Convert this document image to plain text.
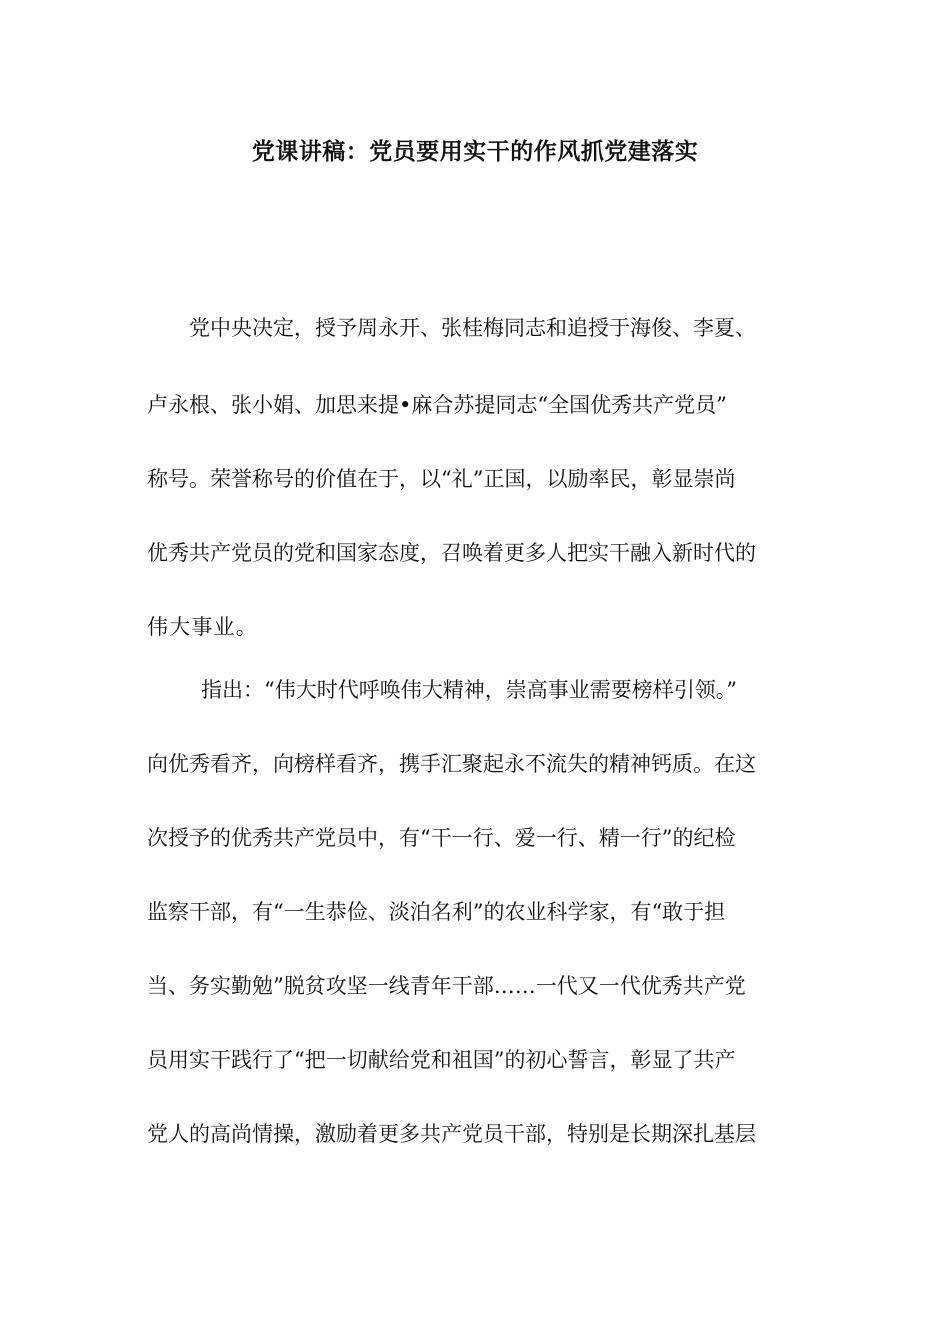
党课讲稿：党员要用实干的作风抓党建落实
党中央决定，授予周永开、张桂梅同志和追授于海俊、李夏、
卢永根、张小娟、加思来提•麻合苏提同志“全国优秀共产党员”
称号。荣誉称号的价值在于，以“礼”正国，以励率民，彰显崇尚
优秀共产党员的党和国家态度，召唤着更多人把实干融入新时代的
伟大事业。
指出：“伟大时代呼唤伟大精神，崇高事业需要榜样引领。”
向优秀看齐，向榜样看齐，携手汇聚起永不流失的精神钙质。在这
次授予的优秀共产党员中，有“干一行、爱一行、精一行”的纪检
监察干部，有“一生恭俭、淡泊名利”的农业科学家，有“敢于担
当、务实勤勉”脱贫攻坚一线青年干部……一代又一代优秀共产党
员用实干践行了“把一切献给党和祖国”的初心誓言，彰显了共产
党人的高尚情操，激励着更多共产党员干部，特别是长期深扎基层
